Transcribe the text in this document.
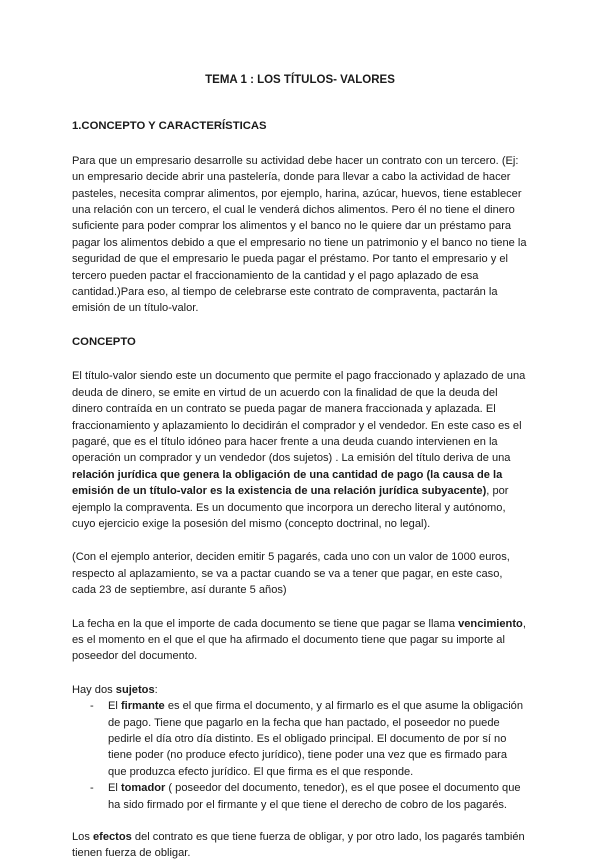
TEMA 1 : LOS TÍTULOS- VALORES
1.CONCEPTO Y CARACTERÍSTICAS

Para que un empresario desarrolle su actividad debe hacer un contrato con un tercero. (Ej: un empresario decide abrir una pastelería, donde para llevar a cabo la actividad de hacer pasteles, necesita comprar alimentos, por ejemplo, harina, azúcar, huevos, tiene establecer una relación con un tercero, el cual le venderá dichos alimentos. Pero él no tiene el dinero suficiente para poder comprar los alimentos y el banco no le quiere dar un préstamo para pagar los alimentos debido a que el empresario no tiene un patrimonio y el banco no tiene la seguridad de que el empresario le pueda pagar el préstamo. Por tanto el empresario y el tercero pueden pactar el fraccionamiento de la cantidad y el pago aplazado de esa cantidad.)Para eso, al tiempo de celebrarse este contrato de compraventa, pactarán la emisión de un título-valor.

CONCEPTO

El título-valor siendo este un documento que permite el pago fraccionado y aplazado de una deuda de dinero, se emite en virtud de un acuerdo con la finalidad de que la deuda del dinero contraída en un contrato se pueda pagar de manera fraccionada y aplazada. El fraccionamiento y aplazamiento lo decidirán el comprador y el vendedor. En este caso es el pagaré, que es el título idóneo para hacer frente a una deuda cuando intervienen en la operación un comprador y un vendedor (dos sujetos) . La emisión del título deriva de una relación jurídica que genera la obligación de una cantidad de pago (la causa de la emisión de un título-valor es la existencia de una relación jurídica subyacente), por ejemplo la compraventa. Es un documento que incorpora un derecho literal y autónomo, cuyo ejercicio exige la posesión del mismo (concepto doctrinal, no legal).

(Con el ejemplo anterior, deciden emitir 5 pagarés, cada uno con un valor de 1000 euros, respecto al aplazamiento, se va a pactar cuando se va a tener que pagar, en este caso, cada 23 de septiembre, así durante 5 años)

La fecha en la que el importe de cada documento se tiene que pagar se llama vencimiento, es el momento en el que el que ha afirmado el documento tiene que pagar su importe al poseedor del documento.

Hay dos sujetos:

- El firmante es el que firma el documento, y al firmarlo es el que asume la obligación de pago. Tiene que pagarlo en la fecha que han pactado, el poseedor no puede pedirle el día otro día distinto. Es el obligado principal. El documento de por sí no tiene poder (no produce efecto jurídico), tiene poder una vez que es firmado para que produzca efecto jurídico. El que firma es el que responde.
- El tomador ( poseedor del documento, tenedor), es el que posee el documento que ha sido firmado por el firmante y el que tiene el derecho de cobro de los pagarés.

Los efectos del contrato es que tiene fuerza de obligar, y por otro lado, los pagarés también tienen fuerza de obligar.
